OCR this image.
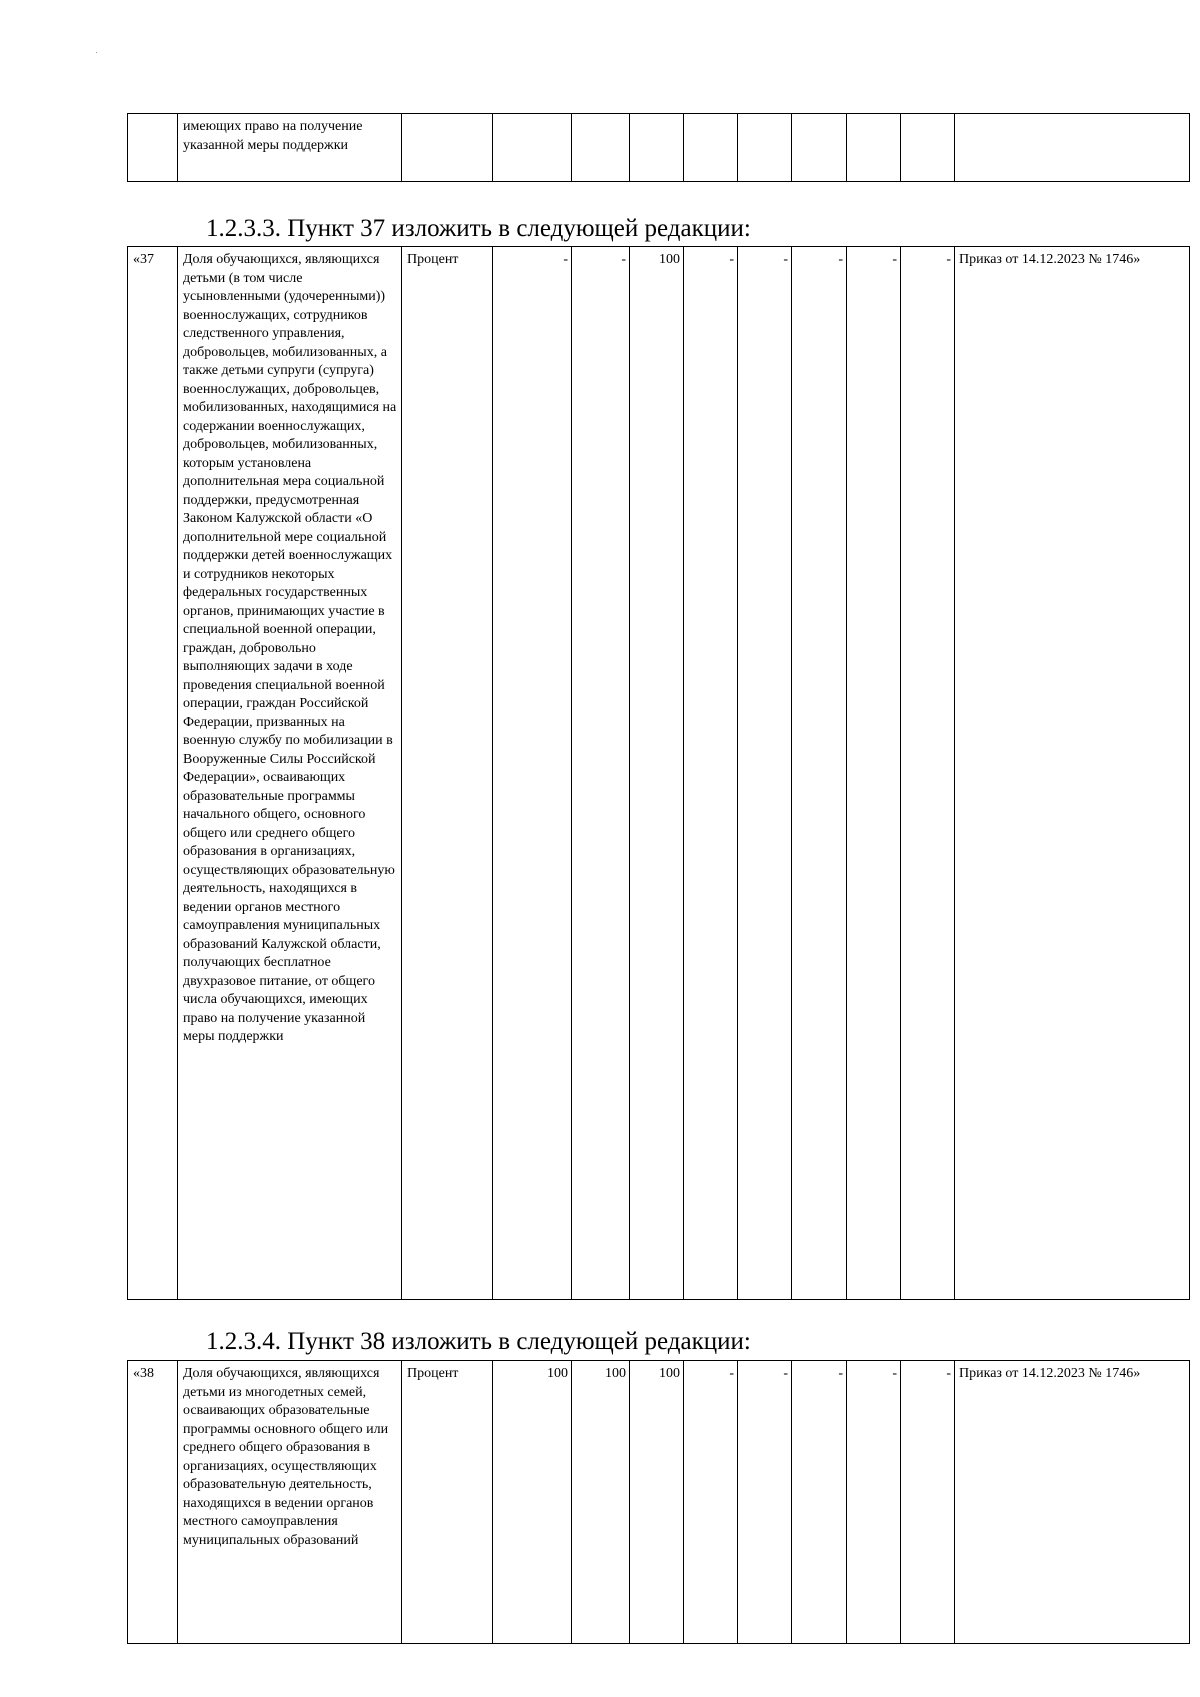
	имеющих право на получение указанной меры поддержки										
1.2.3.3. Пункт 37 изложить в следующей редакции:
«37	Доля обучающихся, являющихся детьми (в том числе усыновленными (удочеренными)) военнослужащих, сотрудников следственного управления, добровольцев, мобилизованных, а также детьми супруги (супруга) военнослужащих, добровольцев, мобилизованных, находящимися на содержании военнослужащих, добровольцев, мобилизованных, которым установлена дополнительная мера социальной поддержки, предусмотренная Законом Калужской области «О дополнительной мере социальной поддержки детей военнослужащих и сотрудников некоторых федеральных государственных органов, принимающих участие в специальной военной операции, граждан, добровольно выполняющих задачи в ходе проведения специальной военной операции, граждан Российской Федерации, призванных на военную службу по мобилизации в Вооруженные Силы Российской Федерации», осваивающих образовательные программы начального общего, основного общего или среднего общего образования в организациях, осуществляющих образовательную деятельность, находящихся в ведении органов местного самоуправления муниципальных образований Калужской области, получающих бесплатное двухразовое питание, от общего числа обучающихся, имеющих право на получение указанной меры поддержки	Процент	-	-	100	-	-	-	-	-	Приказ от 14.12.2023 № 1746»
1.2.3.4. Пункт 38 изложить в следующей редакции:
«38	Доля обучающихся, являющихся детьми из многодетных семей, осваивающих образовательные программы основного общего или среднего общего образования в организациях, осуществляющих образовательную деятельность, находящихся в ведении органов местного самоуправления муниципальных образований	Процент	100	100	100	-	-	-	-	-	Приказ от 14.12.2023 № 1746»
